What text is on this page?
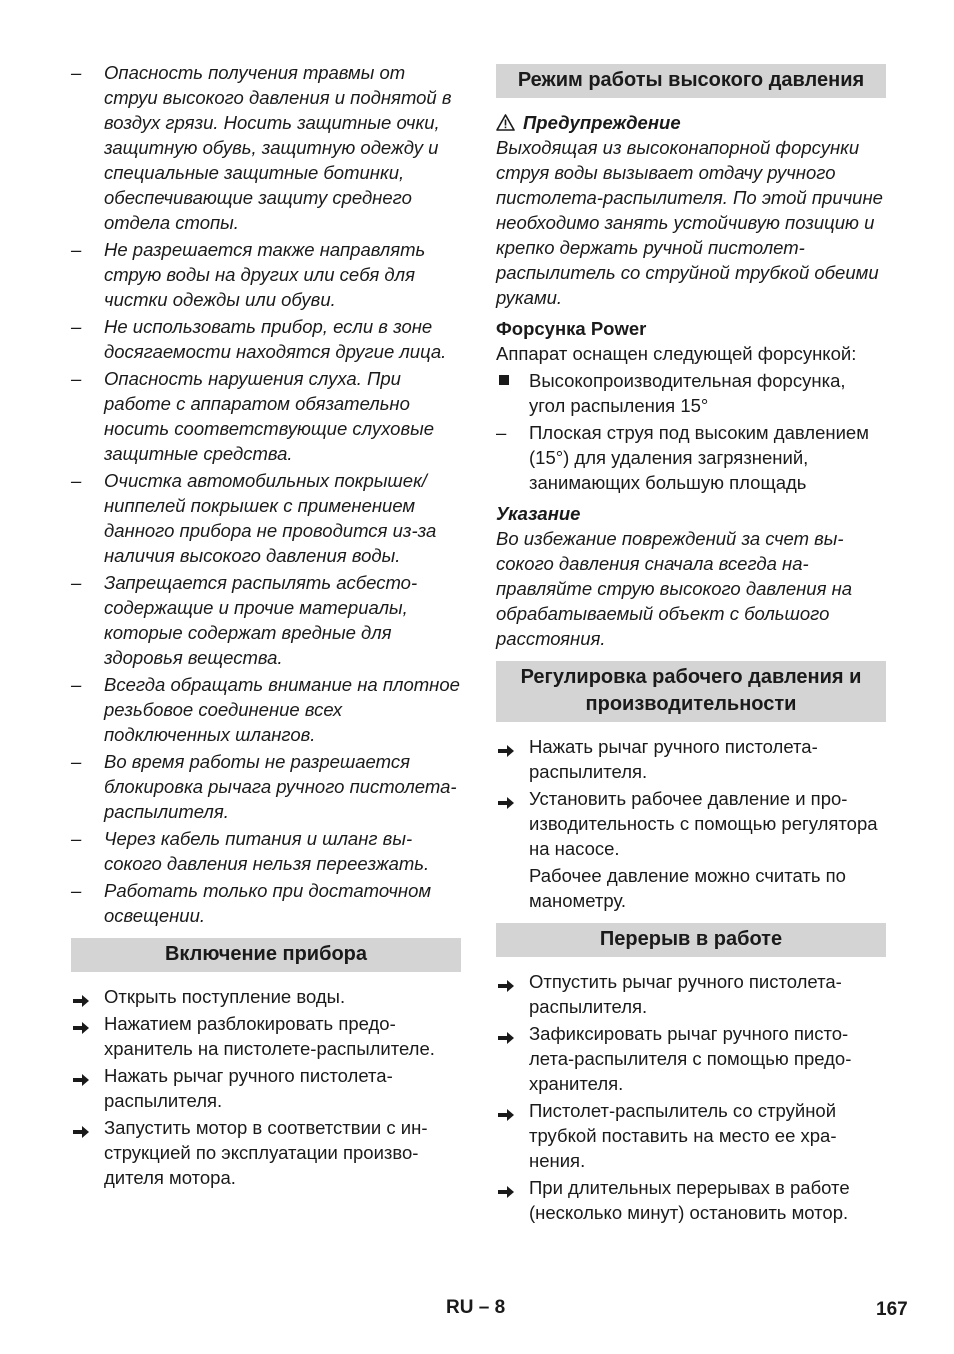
–	Опасность получения травмы от струи высокого давления и поднятой в воздух грязи. Носить защитные очки, защитную обувь, защитную одежду и специальные защитные ботинки, обеспечивающие защиту среднего отдела стопы.
–	Не разрешается также направлять струю воды на других или себя для чистки одежды или обуви.
–	Не использовать прибор, если в зоне досягаемости находятся другие лица.
–	Опасность нарушения слуха. При работе с аппаратом обязательно носить соответствующие слуховые защитные средства.
–	Очистка автомобильных покрышек/ ниппелей покрышек с применением данного прибора не проводится из-за наличия высокого давления воды.
–	Запрещается распылять асбестосодержащие и прочие материалы, которые содержат вредные для здоровья вещества.
–	Всегда обращать внимание на плотное резьбовое соединение всех подключенных шлангов.
–	Во время работы не разрешается блокировка рычага ручного пистолета-распылителя.
–	Через кабель питания и шланг высокого давления нельзя переезжать.
–	Работать только при достаточном освещении.
Включение прибора
Открыть поступление воды.
Нажатием разблокировать предохранитель на пистолете-распылителе.
Нажать рычаг ручного пистолета-распылителя.
Запустить мотор в соответствии с инструкцией по эксплуатации производителя мотора.
Режим работы высокого давления
Предупреждение
Выходящая из высоконапорной форсунки струя воды вызывает отдачу ручного пистолета-распылителя. По этой причине необходимо занять устойчивую позицию и крепко держать ручной пистолет-распылитель со струйной трубкой обеими руками.
Форсунка Power
Аппарат оснащен следующей форсункой:
Высокопроизводительная форсунка, угол распыления 15°
–	Плоская струя под высоким давлением (15°) для удаления загрязнений, занимающих большую площадь
Указание
Во избежание повреждений за счет высокого давления сначала всегда направляйте струю высокого давления на обрабатываемый объект с большого расстояния.
Регулировка рабочего давления и производительности
Нажать рычаг ручного пистолета-распылителя.
Установить рабочее давление и производительность с помощью регулятора на насосе.
Рабочее давление можно считать по манометру.
Перерыв в работе
Отпустить рычаг ручного пистолета-распылителя.
Зафиксировать рычаг ручного пистолета-распылителя с помощью предохранителя.
Пистолет-распылитель со струйной трубкой поставить на место ее хранения.
При длительных перерывах в работе (несколько минут) остановить мотор.
RU – 8	167
